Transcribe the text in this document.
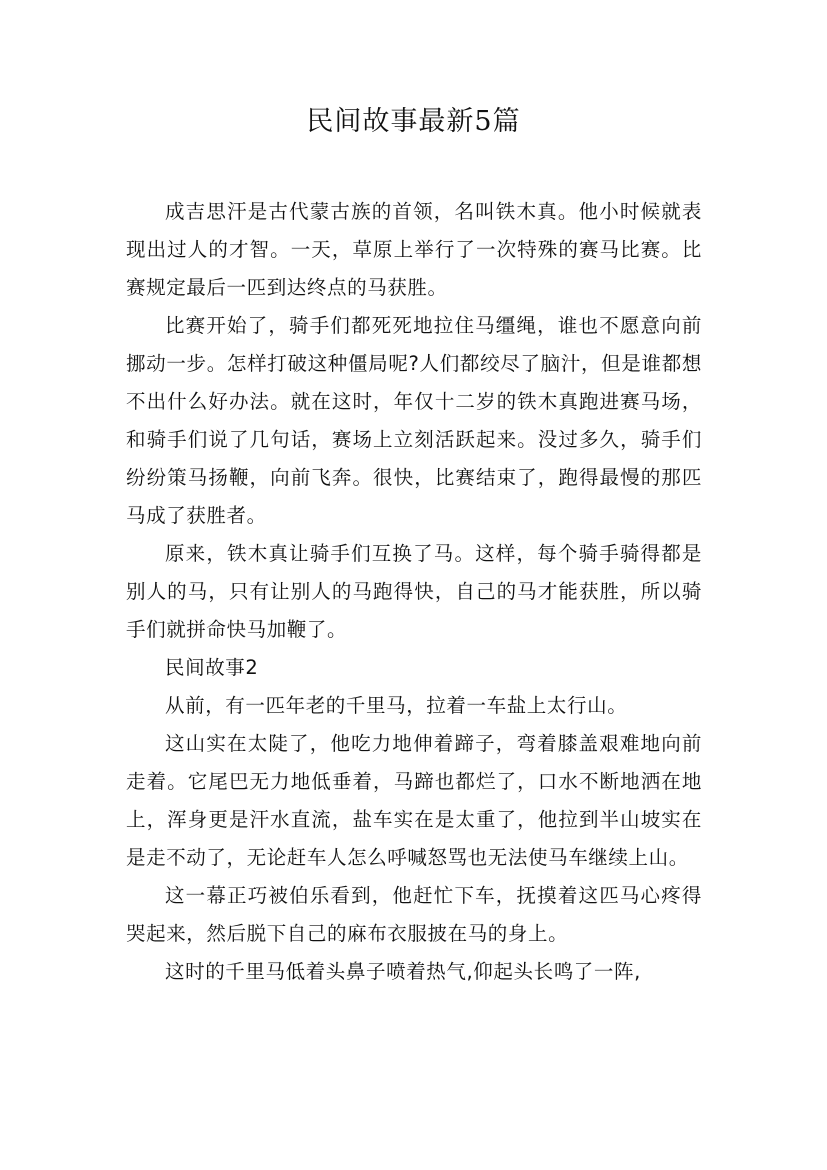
民间故事最新5篇

成吉思汗是古代蒙古族的首领，名叫铁木真。他小时候就表现出过人的才智。一天，草原上举行了一次特殊的赛马比赛。比赛规定最后一匹到达终点的马获胜。

比赛开始了，骑手们都死死地拉住马缰绳，谁也不愿意向前挪动一步。怎样打破这种僵局呢?人们都绞尽了脑汁，但是谁都想不出什么好办法。就在这时，年仅十二岁的铁木真跑进赛马场，和骑手们说了几句话，赛场上立刻活跃起来。没过多久，骑手们纷纷策马扬鞭，向前飞奔。很快，比赛结束了，跑得最慢的那匹马成了获胜者。

原来，铁木真让骑手们互换了马。这样，每个骑手骑得都是别人的马，只有让别人的马跑得快，自己的马才能获胜，所以骑手们就拼命快马加鞭了。

民间故事2

从前，有一匹年老的千里马，拉着一车盐上太行山。

这山实在太陡了，他吃力地伸着蹄子，弯着膝盖艰难地向前走着。它尾巴无力地低垂着，马蹄也都烂了，口水不断地洒在地上，浑身更是汗水直流，盐车实在是太重了，他拉到半山坡实在是走不动了，无论赶车人怎么呼喊怒骂也无法使马车继续上山。

这一幕正巧被伯乐看到，他赶忙下车，抚摸着这匹马心疼得哭起来，然后脱下自己的麻布衣服披在马的身上。

这时的千里马低着头鼻子喷着热气,仰起头长鸣了一阵,
